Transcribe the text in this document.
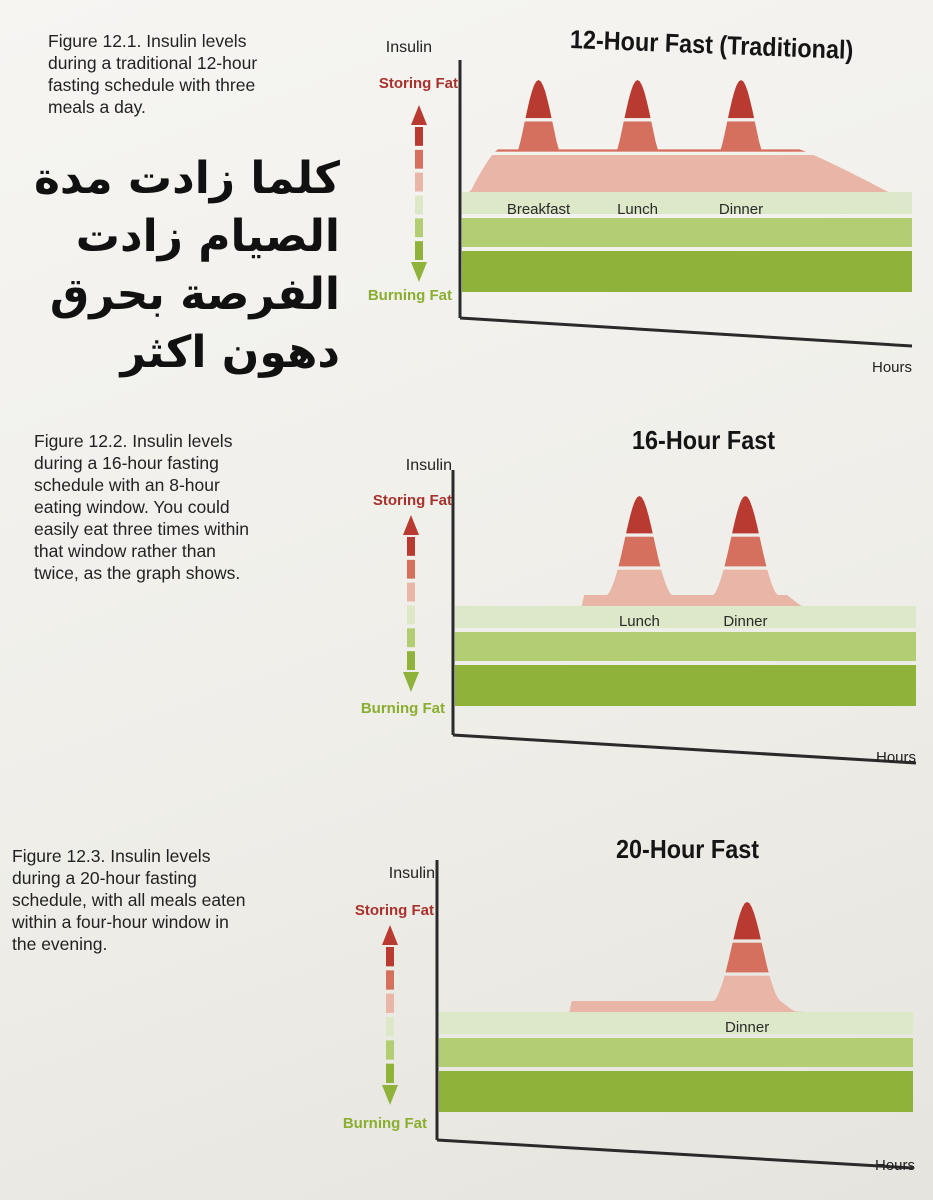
Figure 12.1. Insulin levels
during a traditional 12-hour
fasting schedule with three
meals a day.
كلما زادت مدة
الصيام زادت
الفرصة بحرق
دهون اكثر
Figure 12.2. Insulin levels
during a 16-hour fasting
schedule with an 8-hour
eating window. You could
easily eat three times within
that window rather than
twice, as the graph shows.
Figure 12.3. Insulin levels
during a 20-hour fasting
schedule, with all meals eaten
within a four-hour window in
the evening.
12-Hour Fast (Traditional)
16-Hour Fast
20-Hour Fast
Insulin
Hours
Storing Fat
Burning Fat
Breakfast	Lunch	Dinner
Insulin
Hours
Storing Fat
Burning Fat
Lunch	Dinner
Insulin
Hours
Storing Fat
Burning Fat
Dinner
